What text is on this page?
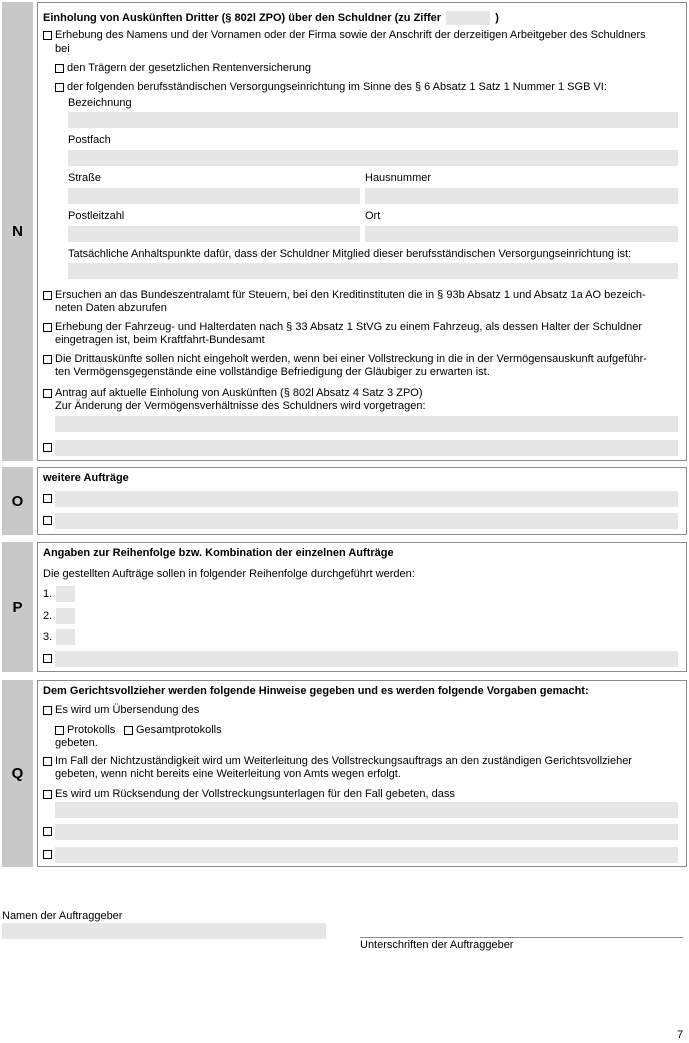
N
Einholung von Auskünften Dritter (§ 802l ZPO) über den Schuldner (zu Ziffer	)
Erhebung des Namens und der Vornamen oder der Firma sowie der Anschrift der derzeitigen Arbeitgeber des Schuldners
bei
den Trägern der gesetzlichen Rentenversicherung
der folgenden berufsständischen Versorgungseinrichtung im Sinne des § 6 Absatz 1 Satz 1 Nummer 1 SGB VI:
Bezeichnung
Postfach
Straße	Hausnummer
Postleitzahl	Ort
Tatsächliche Anhaltspunkte dafür, dass der Schuldner Mitglied dieser berufsständischen Versorgungseinrichtung ist:
Ersuchen an das Bundeszentralamt für Steuern, bei den Kreditinstituten die in § 93b Absatz 1 und Absatz 1a AO bezeich-
neten Daten abzurufen
Erhebung der Fahrzeug- und Halterdaten nach § 33 Absatz 1 StVG zu einem Fahrzeug, als dessen Halter der Schuldner
eingetragen ist, beim Kraftfahrt-Bundesamt
Die Drittauskünfte sollen nicht eingeholt werden, wenn bei einer Vollstreckung in die in der Vermögensauskunft aufgeführ-
ten Vermögensgegenstände eine vollständige Befriedigung der Gläubiger zu erwarten ist.
Antrag auf aktuelle Einholung von Auskünften (§ 802l Absatz 4 Satz 3 ZPO)
Zur Änderung der Vermögensverhältnisse des Schuldners wird vorgetragen:
O
weitere Aufträge
P
Angaben zur Reihenfolge bzw. Kombination der einzelnen Aufträge
Die gestellten Aufträge sollen in folgender Reihenfolge durchgeführt werden:
1.
2.
3.
Q
Dem Gerichtsvollzieher werden folgende Hinweise gegeben und es werden folgende Vorgaben gemacht:
Es wird um Übersendung des
Protokolls Gesamtprotokolls
gebeten.
Im Fall der Nichtzuständigkeit wird um Weiterleitung des Vollstreckungsauftrags an den zuständigen Gerichtsvollzieher
gebeten, wenn nicht bereits eine Weiterleitung von Amts wegen erfolgt.
Es wird um Rücksendung der Vollstreckungsunterlagen für den Fall gebeten, dass
Namen der Auftraggeber
Unterschriften der Auftraggeber
7
